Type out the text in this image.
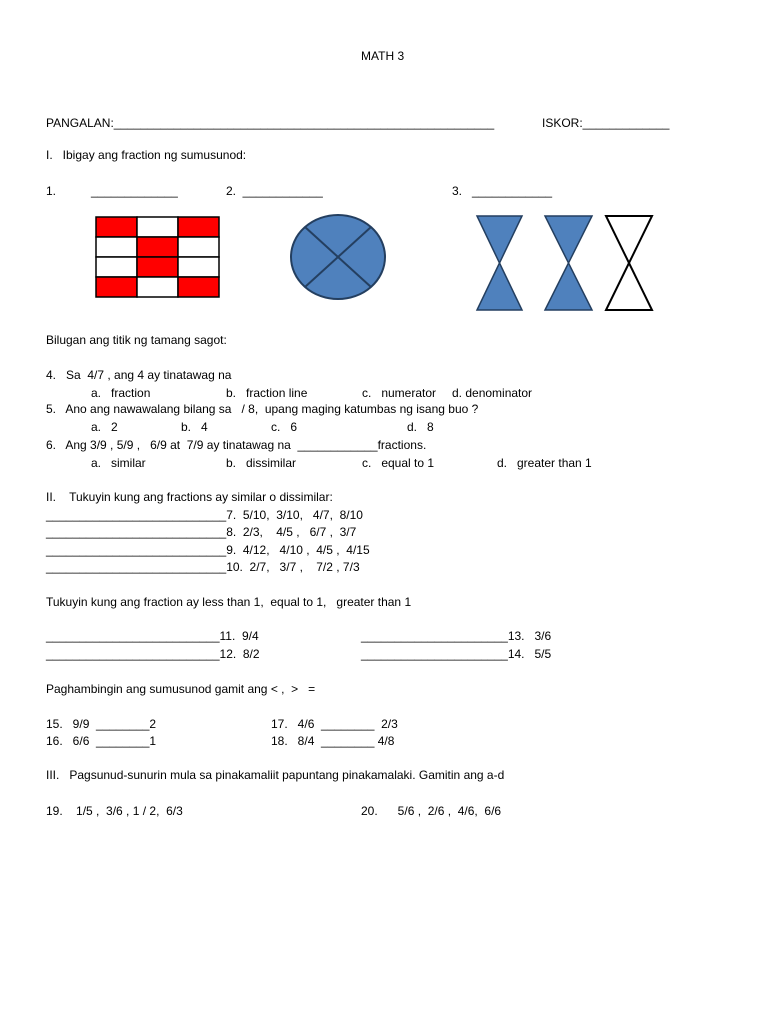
MATH 3
PANGALAN:_________________________________________________________	ISKOR:_____________
I.   Ibigay ang fraction ng sumusunod:
1.	_____________	2.  ____________	3.   ____________
Bilugan ang titik ng tamang sagot:
4.   Sa  4/7 , ang 4 ay tinatawag na
a.   fraction	b.   fraction line	c.   numerator d. denominator
5.   Ano ang nawawalang bilang sa   / 8,  upang maging katumbas ng isang buo ?
a.   2	b.   4	c.   6	d.   8
6.   Ang 3/9 , 5/9 ,   6/9 at  7/9 ay tinatawag na  ____________fractions.
a.   similar	b.   dissimilar	c.   equal to 1	d.   greater than 1
II.    Tukuyin kung ang fractions ay similar o dissimilar:
___________________________7.  5/10,  3/10,   4/7,  8/10
___________________________8.  2/3,    4/5 ,   6/7 ,  3/7
___________________________9.  4/12,   4/10 ,  4/5 ,  4/15
___________________________10.  2/7,   3/7 ,    7/2 , 7/3
Tukuyin kung ang fraction ay less than 1,  equal to 1,   greater than 1
__________________________11.  9/4
__________________________12.  8/2
______________________13.   3/6
______________________14.   5/5
Paghambingin ang sumusunod gamit ang < ,  >   =
15.   9/9  ________2
16.   6/6  ________1
17.   4/6  ________  2/3
18.   8/4  ________ 4/8
III.   Pagsunud-sunurin mula sa pinakamaliit papuntang pinakamalaki. Gamitin ang a-d
19.    1/5 ,  3/6 , 1 / 2,  6/3	20.      5/6 ,  2/6 ,  4/6,  6/6
